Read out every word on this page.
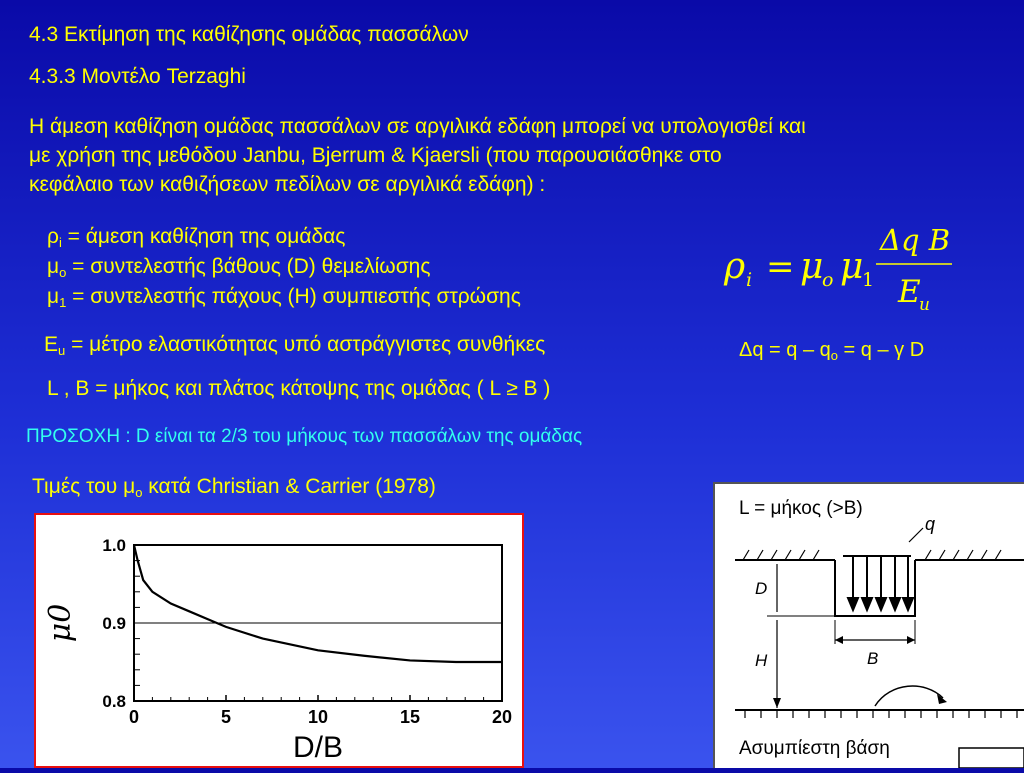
4.3 Εκτίμηση της καθίζησης ομάδας πασσάλων
4.3.3 Μοντέλο Terzaghi
Η άμεση καθίζηση ομάδας πασσάλων σε αργιλικά εδάφη μπορεί να υπολογισθεί και
με χρήση της μεθόδου Janbu, Bjerrum & Kjaersli (που παρουσιάσθηκε στο
κεφάλαιο των καθιζήσεων πεδίλων σε αργιλικά εδάφη) :
$\rho_i = ά\mu\varepsilon\sigma\eta$ καθίζηση της ομάδας
$\mu_o = \sigma\upsilon\nu\tau\varepsilon\lambda\varepsilon\sigma\tau ή\varsigma$ βάθους (D) θεμελίωσης
$\mu_1 = \sigma\upsilon\nu\tau\varepsilon\lambda\varepsilon\sigma\tau ή\varsigma$ πάχους (H) συμπιεστής στρώσης
$E_u = \mu έ\tau\rho o$ ελαστικότητας υπό αστράγγιστες συνθήκες
L , B = μήκος και πλάτος κάτοψης της ομάδας ( L ≥ B )
ρ i = μ
o μ
1
Δq B
E
u
$\Delta q = q - q_o = q - \gamma$ D
ΠΡΟΣΟΧΗ : D είναι τα 2/3 του μήκους των πασσάλων της ομάδας
Τιμές του $\mu_o$ κατά Christian & Carrier (1978)
0.8
0.9
1.0
0	5	10	15	20
D/B
μ0
L = μήκος (>B)
q
D
H	B
Ασυμπίεστη βάση
